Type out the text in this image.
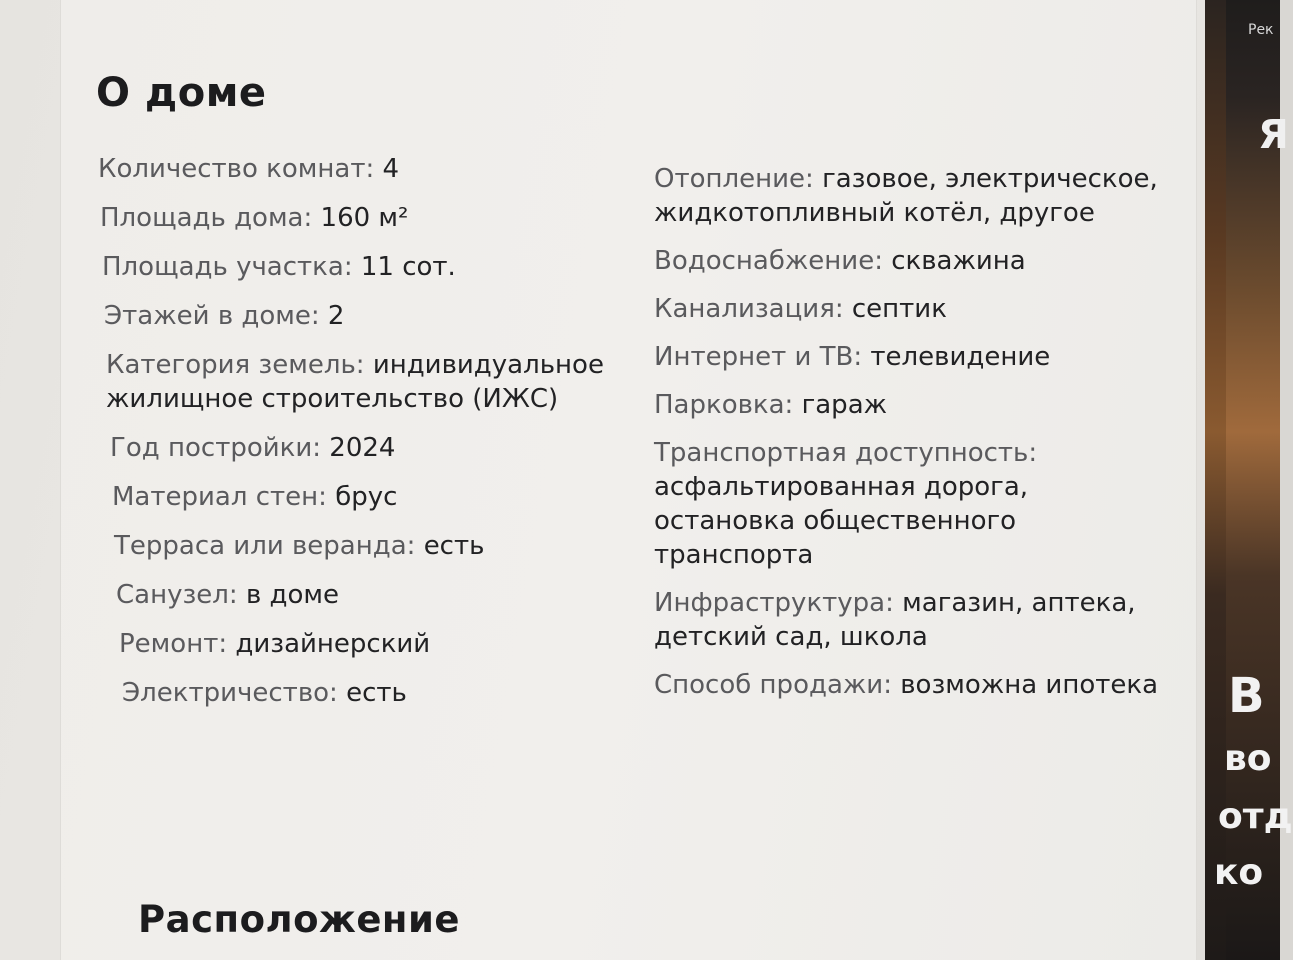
О доме
Количество комнат: 4
Площадь дома: 160 м²
Площадь участка: 11 сот.
Этажей в доме: 2
Категория земель: индивидуальное жилищное строительство (ИЖС)
Год постройки: 2024
Материал стен: брус
Терраса или веранда: есть
Санузел: в доме
Ремонт: дизайнерский
Электричество: есть
Отопление: газовое, электрическое, жидкотопливный котёл, другое
Водоснабжение: скважина
Канализация: септик
Интернет и ТВ: телевидение
Парковка: гараж
Транспортная доступность: асфальтированная дорога, остановка общественного транспорта
Инфраструктура: магазин, аптека, детский сад, школа
Способ продажи: возможна ипотека
Расположение
Рек
Я
В
во
отд
ко
